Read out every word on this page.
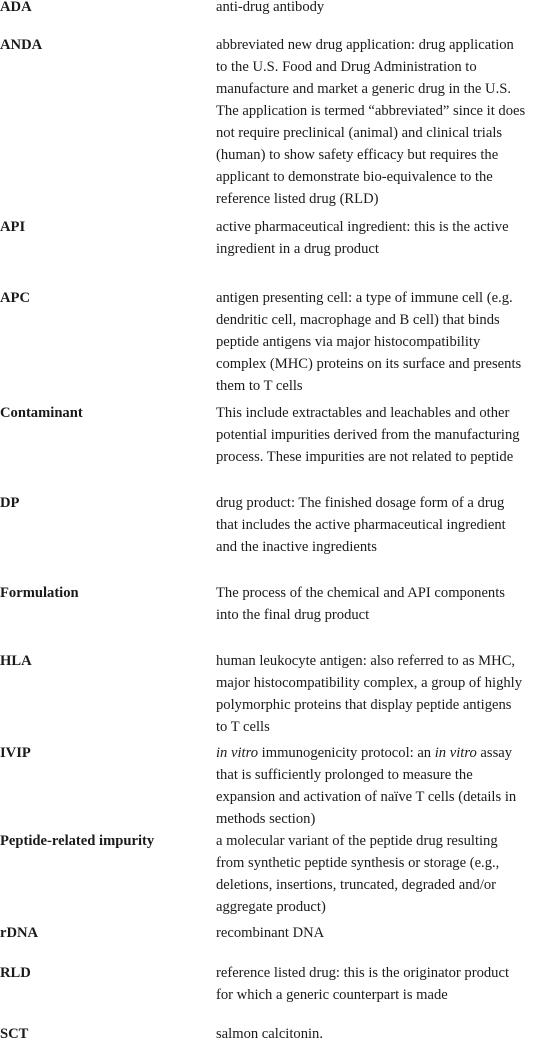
ADA	anti-drug antibody
ANDA	abbreviated new drug application: drug application
to the U.S. Food and Drug Administration to
manufacture and market a generic drug in the U.S.
The application is termed “abbreviated” since it does
not require preclinical (animal) and clinical trials
(human) to show safety efficacy but requires the
applicant to demonstrate bio-equivalence to the
reference listed drug (RLD)
API	active pharmaceutical ingredient: this is the active
ingredient in a drug product
APC	antigen presenting cell: a type of immune cell (e.g.
dendritic cell, macrophage and B cell) that binds
peptide antigens via major histocompatibility
complex (MHC) proteins on its surface and presents
them to T cells
Contaminant	This include extractables and leachables and other
potential impurities derived from the manufacturing
process. These impurities are not related to peptide
DP	drug product: The finished dosage form of a drug
that includes the active pharmaceutical ingredient
and the inactive ingredients
Formulation	The process of the chemical and API components
into the final drug product
HLA	human leukocyte antigen: also referred to as MHC,
major histocompatibility complex, a group of highly
polymorphic proteins that display peptide antigens
to T cells
IVIP	in vitro immunogenicity protocol: an in vitro assay
that is sufficiently prolonged to measure the
expansion and activation of naïve T cells (details in
methods section)
Peptide-related impurity	a molecular variant of the peptide drug resulting
from synthetic peptide synthesis or storage (e.g.,
deletions, insertions, truncated, degraded and/or
aggregate product)
rDNA	recombinant DNA
RLD	reference listed drug: this is the originator product
for which a generic counterpart is made
SCT	salmon calcitonin.
